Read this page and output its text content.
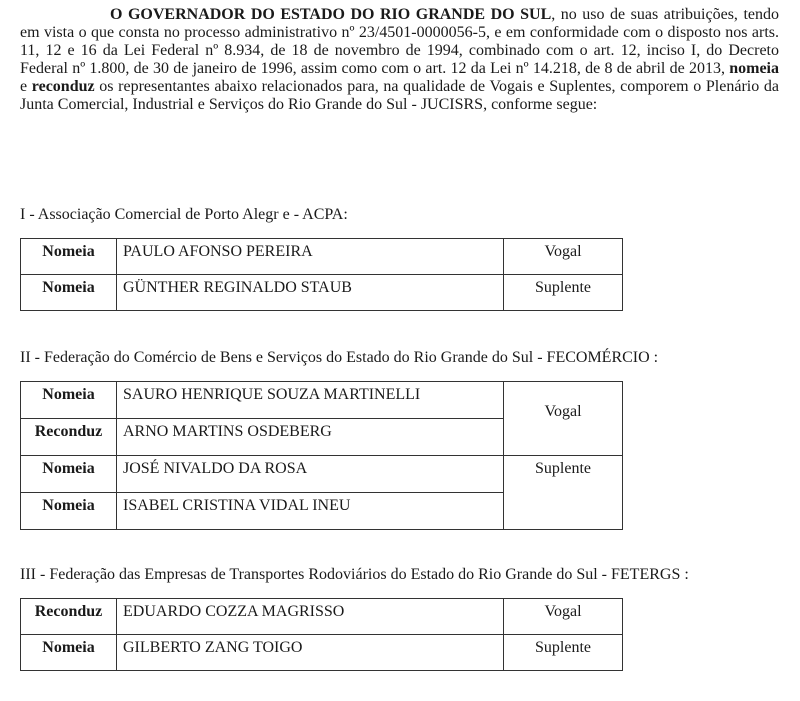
O GOVERNADOR DO ESTADO DO RIO GRANDE DO SUL, no uso de suas atribuições, tendo em vista o que consta no processo administrativo nº 23/4501-0000056-5, e em conformidade com o disposto nos arts. 11, 12 e 16 da Lei Federal nº 8.934, de 18 de novembro de 1994, combinado com o art. 12, inciso I, do Decreto Federal nº 1.800, de 30 de janeiro de 1996, assim como com o art. 12 da Lei nº 14.218, de 8 de abril de 2013, nomeia e reconduz os representantes abaixo relacionados para, na qualidade de Vogais e Suplentes, comporem o Plenário da Junta Comercial, Industrial e Serviços do Rio Grande do Sul - JUCISRS, conforme segue:

I - Associação Comercial de Porto Alegr e - ACPA:

Nomeia	PAULO AFONSO PEREIRA	Vogal
Nomeia	GÜNTHER REGINALDO STAUB	Suplente

II - Federação do Comércio de Bens e Serviços do Estado do Rio Grande do Sul - FECOMÉRCIO :

Nomeia	SAURO HENRIQUE SOUZA MARTINELLI	Vogal
Reconduz	ARNO MARTINS OSDEBERG	
Nomeia	JOSÉ NIVALDO DA ROSA	Suplente
Nomeia	ISABEL CRISTINA VIDAL INEU	

III - Federação das Empresas de Transportes Rodoviários do Estado do Rio Grande do Sul - FETERGS :

Reconduz	EDUARDO COZZA MAGRISSO	Vogal
Nomeia	GILBERTO ZANG TOIGO	Suplente
